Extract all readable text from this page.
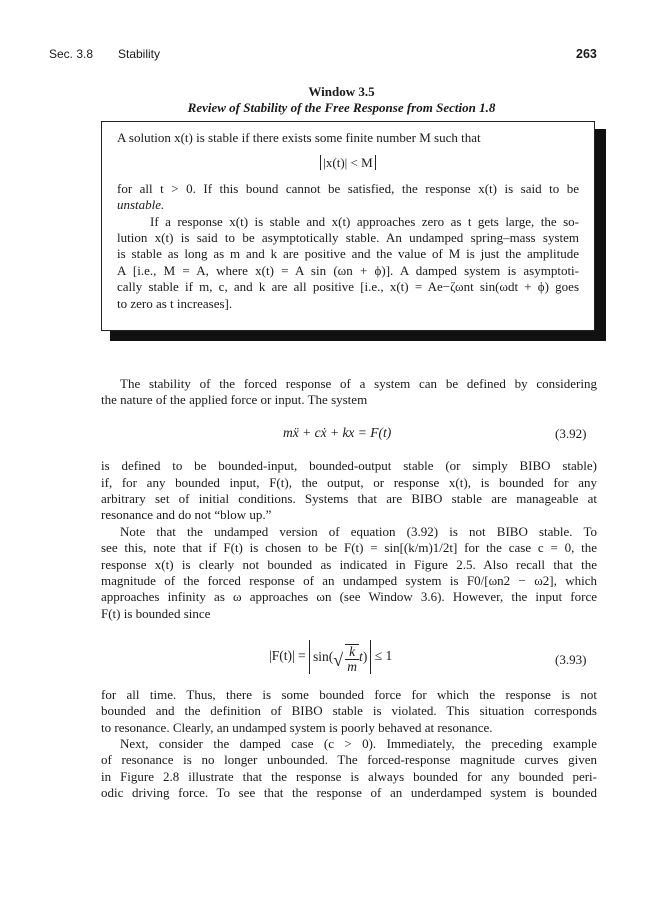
Sec. 3.8 Stability	263
Window 3.5
Review of Stability of the Free Response from Section 1.8
A solution x(t) is stable if there exists some finite number M such that
|x(t)| < M
for all t > 0. If this bound cannot be satisfied, the response x(t) is said to be
unstable.
If a response x(t) is stable and x(t) approaches zero as t gets large, the so-
lution x(t) is said to be asymptotically stable. An undamped spring–mass system
is stable as long as m and k are positive and the value of M is just the amplitude
A [i.e., M = A, where x(t) = A sin (ωn + ϕ)]. A damped system is asymptoti-
cally stable if m, c, and k are all positive [i.e., x(t) = Ae−ζωnt sin(ωdt + ϕ) goes
to zero as t increases].
The stability of the forced response of a system can be defined by considering
the nature of the applied force or input. The system
mẍ + cẋ + kx = F(t)	(3.92)
is defined to be bounded-input, bounded-output stable (or simply BIBO stable)
if, for any bounded input, F(t), the output, or response x(t), is bounded for any
arbitrary set of initial conditions. Systems that are BIBO stable are manageable at
resonance and do not “blow up.”
Note that the undamped version of equation (3.92) is not BIBO stable. To
see this, note that if F(t) is chosen to be F(t) = sin[(k/m)1/2t] for the case c = 0, the
response x(t) is clearly not bounded as indicated in Figure 2.5. Also recall that the
magnitude of the forced response of an undamped system is F0/[ωn2 − ω2], which
approaches infinity as ω approaches ωn (see Window 3.6). However, the input force
F(t) is bounded since
|F(t)| = sin( √ $\frac{k}{m} t) \le 1$	(3.93)
for all time. Thus, there is some bounded force for which the response is not
bounded and the definition of BIBO stable is violated. This situation corresponds
to resonance. Clearly, an undamped system is poorly behaved at resonance.
Next, consider the damped case (c > 0). Immediately, the preceding example
of resonance is no longer unbounded. The forced-response magnitude curves given
in Figure 2.8 illustrate that the response is always bounded for any bounded peri-
odic driving force. To see that the response of an underdamped system is bounded
